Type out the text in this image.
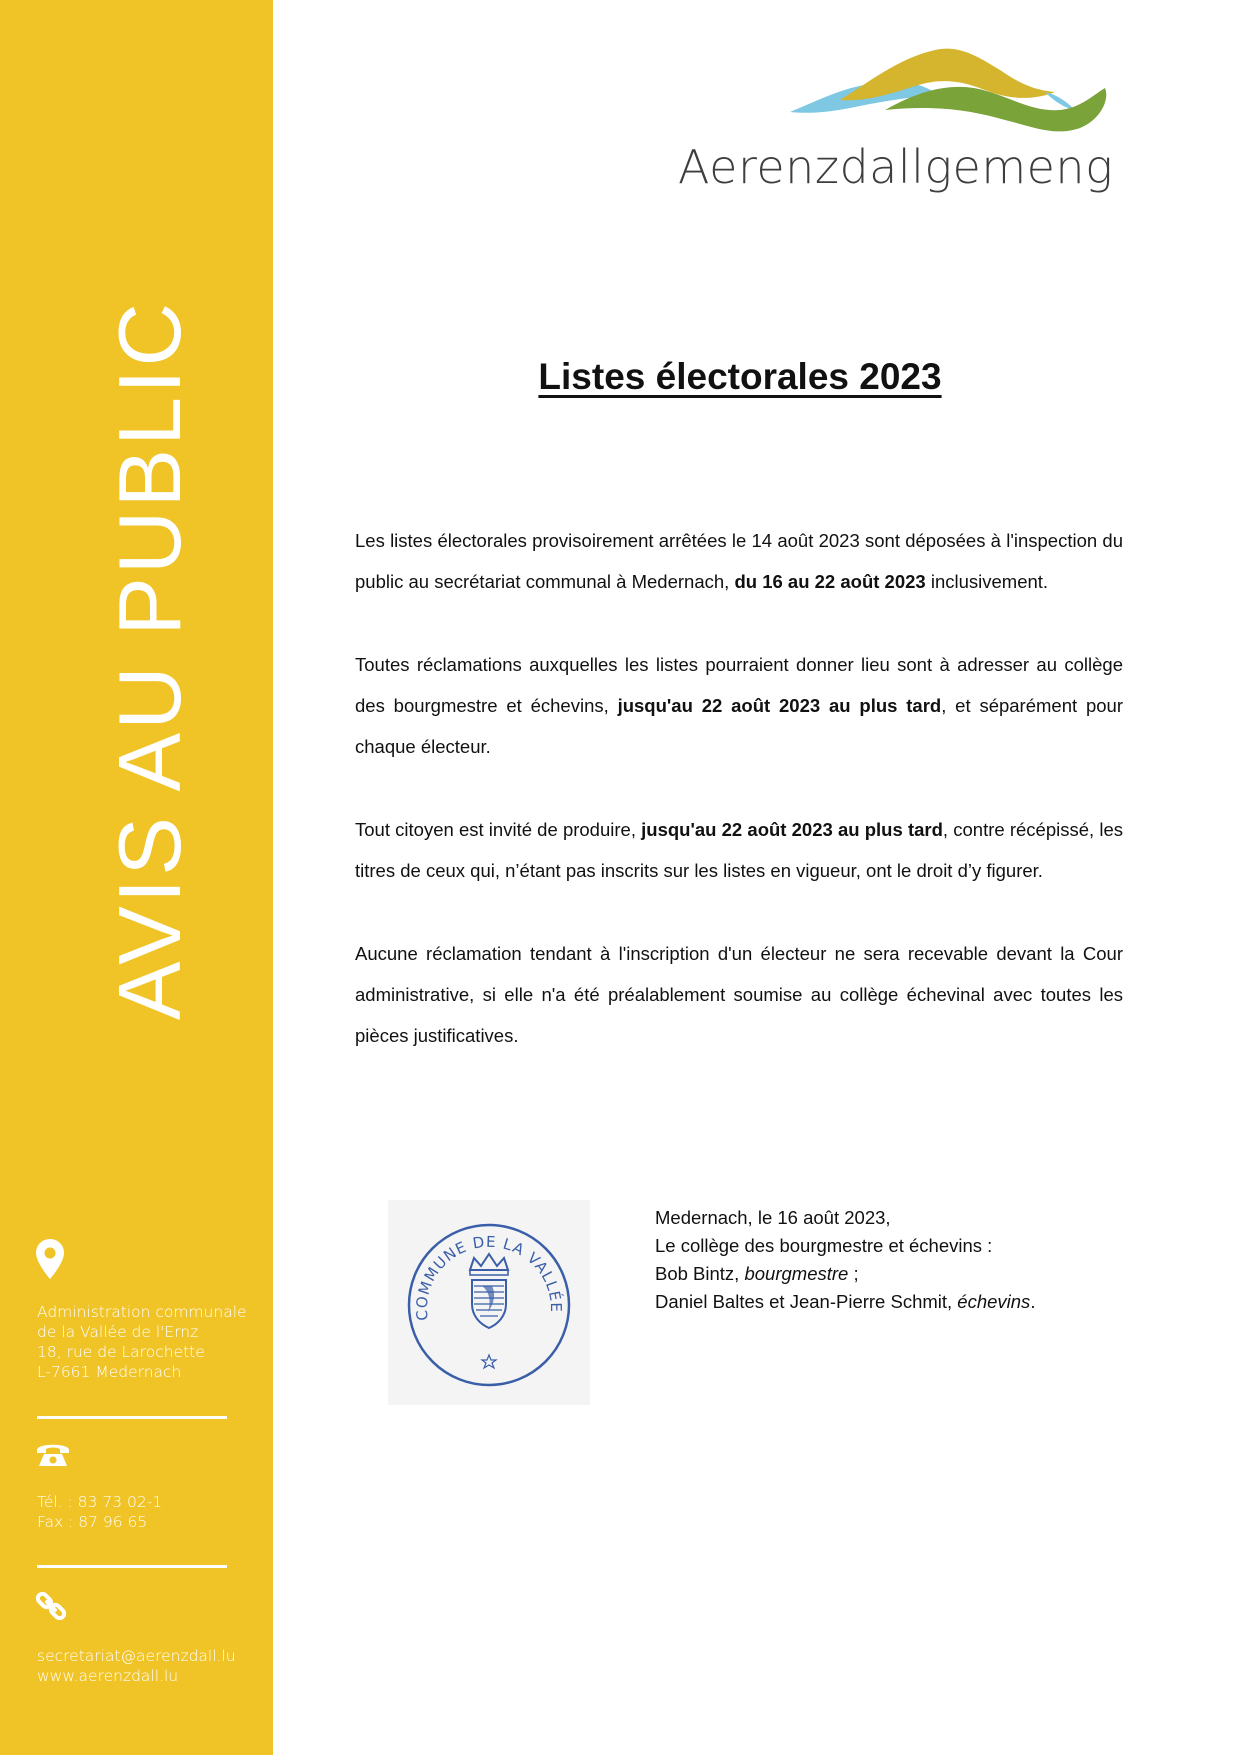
AVIS AU PUBLIC
Administration communale
de la Vallée de l'Ernz
18, rue de Larochette
L-7661 Medernach
Tél. : 83 73 02-1
Fax : 87 96 65
secretariat@aerenzdall.lu
www.aerenzdall.lu
Aerenzdallgemeng
Listes électorales 2023

Les listes électorales provisoirement arrêtées le 14 août 2023 sont déposées à l'inspection du public au secrétariat communal à Medernach, du 16 au 22 août 2023 inclusivement.

Toutes réclamations auxquelles les listes pourraient donner lieu sont à adresser au collège des bourgmestre et échevins, jusqu'au 22 août 2023 au plus tard, et séparément pour chaque électeur.

Tout citoyen est invité de produire, jusqu'au 22 août 2023 au plus tard, contre récépissé, les titres de ceux qui, n’étant pas inscrits sur les listes en vigueur, ont le droit d’y figurer.

Aucune réclamation tendant à l'inscription d'un électeur ne sera recevable devant la Cour administrative, si elle n'a été préalablement soumise au collège échevinal avec toutes les pièces justificatives.

COMMUNE DE LA VALLÉE
Medernach, le 16 août 2023,
Le collège des bourgmestre et échevins :
Bob Bintz, bourgmestre ;
Daniel Baltes et Jean-Pierre Schmit, échevins.
